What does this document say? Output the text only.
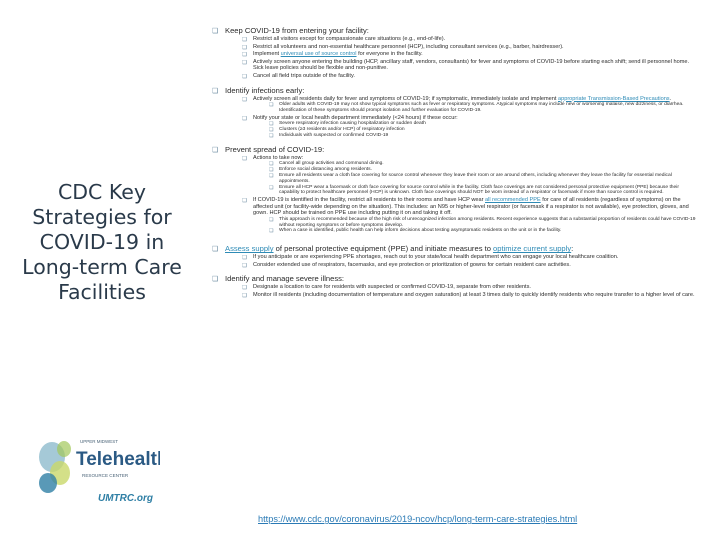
CDC Key Strategies for COVID-19 in Long-term Care Facilities
UPPER MIDWEST
Telehealth
RESOURCE CENTER
UMTRC.org
❏ Keep COVID-19 from entering your facility:
❏ Restrict all visitors except for compassionate care situations (e.g., end-of-life).
❏ Restrict all volunteers and non-essential healthcare personnel (HCP), including consultant services (e.g., barber, hairdresser).
❏ Implement universal use of source control for everyone in the facility.
❏ Actively screen anyone entering the building (HCP, ancillary staff, vendors, consultants) for fever and symptoms of COVID-19 before starting each shift; send ill personnel home. Sick leave policies should be flexible and non-punitive.
❏ Cancel all field trips outside of the facility.
❏ Identify infections early:
❏ Actively screen all residents daily for fever and symptoms of COVID-19; if symptomatic, immediately isolate and implement appropriate Transmission-Based Precautions.
❏ Older adults with COVID-19 may not show typical symptoms such as fever or respiratory symptoms. Atypical symptoms may include new or worsening malaise, new dizziness, or diarrhea. Identification of these symptoms should prompt isolation and further evaluation for COVID-19.
❏ Notify your state or local health department immediately (<24 hours) if these occur:
❏ Severe respiratory infection causing hospitalization or sudden death
❏ Clusters (≥3 residents and/or HCP) of respiratory infection
❏ Individuals with suspected or confirmed COVID-19
❏ Prevent spread of COVID-19:
❏ Actions to take now:
❏ Cancel all group activities and communal dining.
❏ Enforce social distancing among residents.
❏ Ensure all residents wear a cloth face covering for source control whenever they leave their room or are around others, including whenever they leave the facility for essential medical appointments.
❏ Ensure all HCP wear a facemask or cloth face covering for source control while in the facility. Cloth face coverings are not considered personal protective equipment (PPE) because their capability to protect healthcare personnel (HCP) is unknown. Cloth face coverings should NOT be worn instead of a respirator or facemask if more than source control is required.
❏ If COVID-19 is identified in the facility, restrict all residents to their rooms and have HCP wear all recommended PPE for care of all residents (regardless of symptoms) on the affected unit (or facility-wide depending on the situation). This includes: an N95 or higher-level respirator (or facemask if a respirator is not available), eye protection, gloves, and gown. HCP should be trained on PPE use including putting it on and taking it off.
❏ This approach is recommended because of the high risk of unrecognized infection among residents. Recent experience suggests that a substantial proportion of residents could have COVID-19 without reporting symptoms or before symptoms develop.
❏ When a case is identified, public health can help inform decisions about testing asymptomatic residents on the unit or in the facility.
❏ Assess supply of personal protective equipment (PPE) and initiate measures to optimize current supply:
❏ If you anticipate or are experiencing PPE shortages, reach out to your state/local health department who can engage your local healthcare coalition.
❏ Consider extended use of respirators, facemasks, and eye protection or prioritization of gowns for certain resident care activities.
❏ Identify and manage severe illness:
❏ Designate a location to care for residents with suspected or confirmed COVID-19, separate from other residents.
❏ Monitor ill residents (including documentation of temperature and oxygen saturation) at least 3 times daily to quickly identify residents who require transfer to a higher level of care.
https://www.cdc.gov/coronavirus/2019-ncov/hcp/long-term-care-strategies.html
